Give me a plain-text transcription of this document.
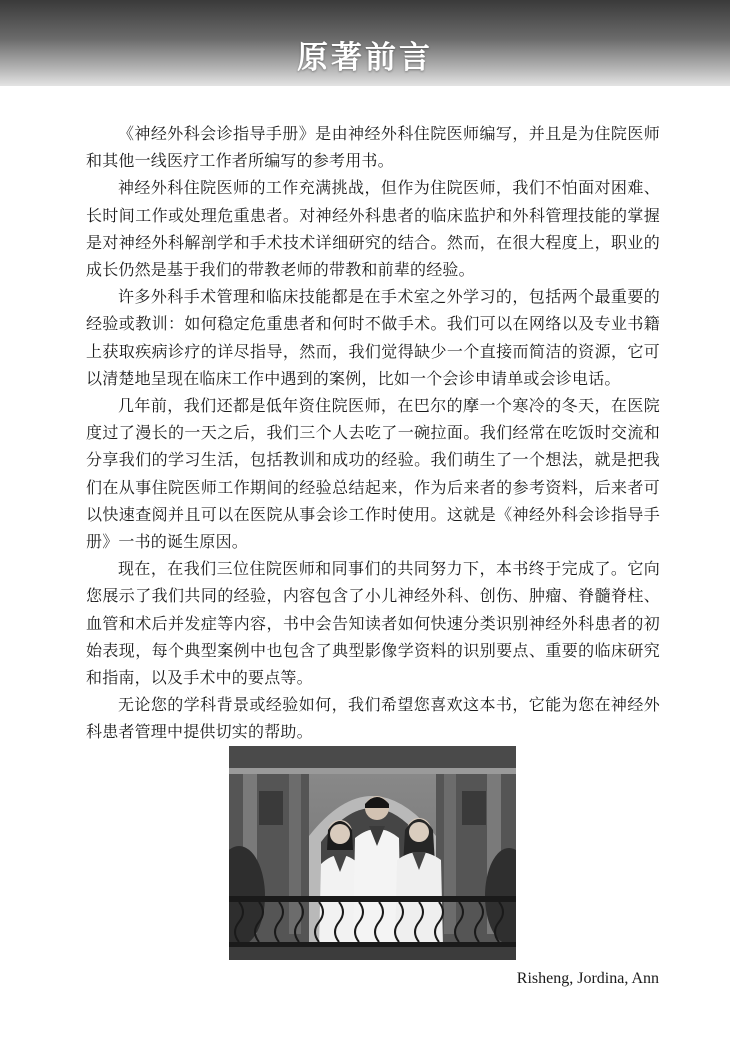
原著前言

《神经外科会诊指导手册》是由神经外科住院医师编写，并且是为住院医师和其他一线医疗工作者所编写的参考用书。

神经外科住院医师的工作充满挑战，但作为住院医师，我们不怕面对困难、长时间工作或处理危重患者。对神经外科患者的临床监护和外科管理技能的掌握是对神经外科解剖学和手术技术详细研究的结合。然而，在很大程度上，职业的成长仍然是基于我们的带教老师的带教和前辈的经验。

许多外科手术管理和临床技能都是在手术室之外学习的，包括两个最重要的经验或教训：如何稳定危重患者和何时不做手术。我们可以在网络以及专业书籍上获取疾病诊疗的详尽指导，然而，我们觉得缺少一个直接而简洁的资源，它可以清楚地呈现在临床工作中遇到的案例，比如一个会诊申请单或会诊电话。

几年前，我们还都是低年资住院医师，在巴尔的摩一个寒冷的冬天，在医院度过了漫长的一天之后，我们三个人去吃了一碗拉面。我们经常在吃饭时交流和分享我们的学习生活，包括教训和成功的经验。我们萌生了一个想法，就是把我们在从事住院医师工作期间的经验总结起来，作为后来者的参考资料，后来者可以快速查阅并且可以在医院从事会诊工作时使用。这就是《神经外科会诊指导手册》一书的诞生原因。

现在，在我们三位住院医师和同事们的共同努力下，本书终于完成了。它向您展示了我们共同的经验，内容包含了小儿神经外科、创伤、肿瘤、脊髓脊柱、血管和术后并发症等内容，书中会告知读者如何快速分类识别神经外科患者的初始表现，每个典型案例中也包含了典型影像学资料的识别要点、重要的临床研究和指南，以及手术中的要点等。

无论您的学科背景或经验如何，我们希望您喜欢这本书，它能为您在神经外科患者管理中提供切实的帮助。

Risheng, Jordina, Ann
